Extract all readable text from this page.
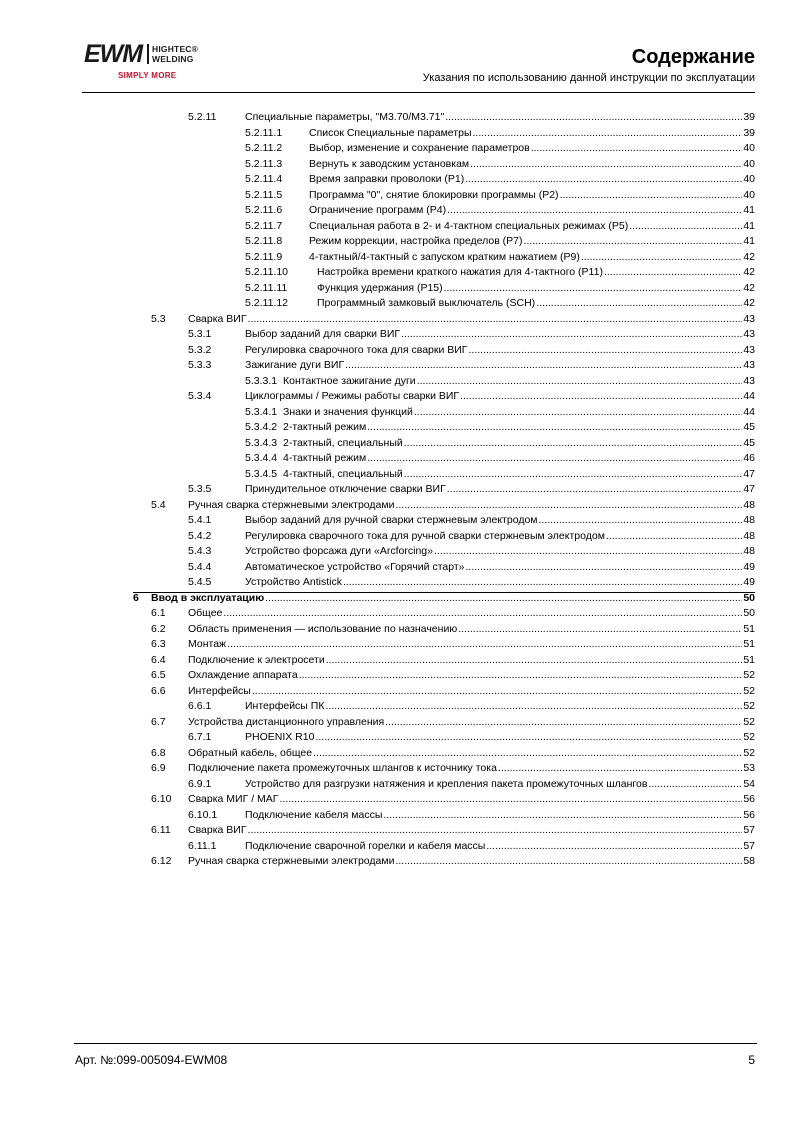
EWM HIGHTEC®
WELDING
SIMPLY MORE
Содержание
Указания по использованию данной инструкции по эксплуатации
5.2.11	Специальные параметры, "M3.70/M3.71" .....	39
5.2.11.1	Список Специальные параметры .....	39
5.2.11.2	Выбор, изменение и сохранение параметров .....	40
5.2.11.3	Вернуть к заводским установкам .....	40
5.2.11.4	Время заправки проволоки (P1) .....	40
5.2.11.5	Программа "0", снятие блокировки программы (P2) .....	40
5.2.11.6	Ограничение программ (P4) .....	41
5.2.11.7	Специальная работа в 2- и 4-тактном специальных режимах (P5) .....	41
5.2.11.8	Режим коррекции, настройка пределов (P7) .....	41
5.2.11.9	4-тактный/4-тактный с запуском кратким нажатием (P9) .....	42
5.2.11.10	Настройка времени краткого нажатия для 4-тактного (P11) .....	42
5.2.11.11	Функция удержания (P15) .....	42
5.2.11.12	Программный замковый выключатель (SCH) .....	42
5.3 Сварка ВИГ .....	43
5.3.1	Выбор заданий для сварки ВИГ .....	43
5.3.2	Регулировка сварочного тока для сварки ВИГ .....	43
5.3.3	Зажигание дуги ВИГ .....	43
5.3.3.1 Контактное зажигание дуги .....	43
5.3.4	Циклограммы / Режимы работы сварки ВИГ .....	44
5.3.4.1 Знаки и значения функций .....	44
5.3.4.2 2-тактный режим .....	45
5.3.4.3 2-тактный, специальный .....	45
5.3.4.4 4-тактный режим .....	46
5.3.4.5 4-тактный, специальный .....	47
5.3.5	Принудительное отключение сварки ВИГ .....	47
5.4 Ручная сварка стержневыми электродами .....	48
5.4.1	Выбор заданий для ручной сварки стержневым электродом .....	48
5.4.2	Регулировка сварочного тока для ручной сварки стержневым электродом .....	48
5.4.3	Устройство форсажа дуги «Arcforcing» .....	48
5.4.4	Автоматическое устройство «Горячий старт» .....	49
5.4.5	Устройство Antistick .....	49
6 Ввод в эксплуатацию .....	50
6.1 Общее .....	50
6.2 Область применения — использование по назначению .....	51
6.3 Монтаж .....	51
6.4 Подключение к электросети .....	51
6.5 Охлаждение аппарата .....	52
6.6 Интерфейсы .....	52
6.6.1	Интерфейсы ПК .....	52
6.7 Устройства дистанционного управления .....	52
6.7.1	PHOENIX R10 .....	52
6.8 Обратный кабель, общее .....	52
6.9 Подключение пакета промежуточных шлангов к источнику тока .....	53
6.9.1	Устройство для разгрузки натяжения и крепления пакета промежуточных шлангов .....	54
6.10 Сварка МИГ / МАГ .....	56
6.10.1	Подключение кабеля массы .....	56
6.11 Сварка ВИГ .....	57
6.11.1	Подключение сварочной горелки и кабеля массы .....	57
6.12 Ручная сварка стержневыми электродами .....	58
Арт. №:099-005094-EWM08	5
